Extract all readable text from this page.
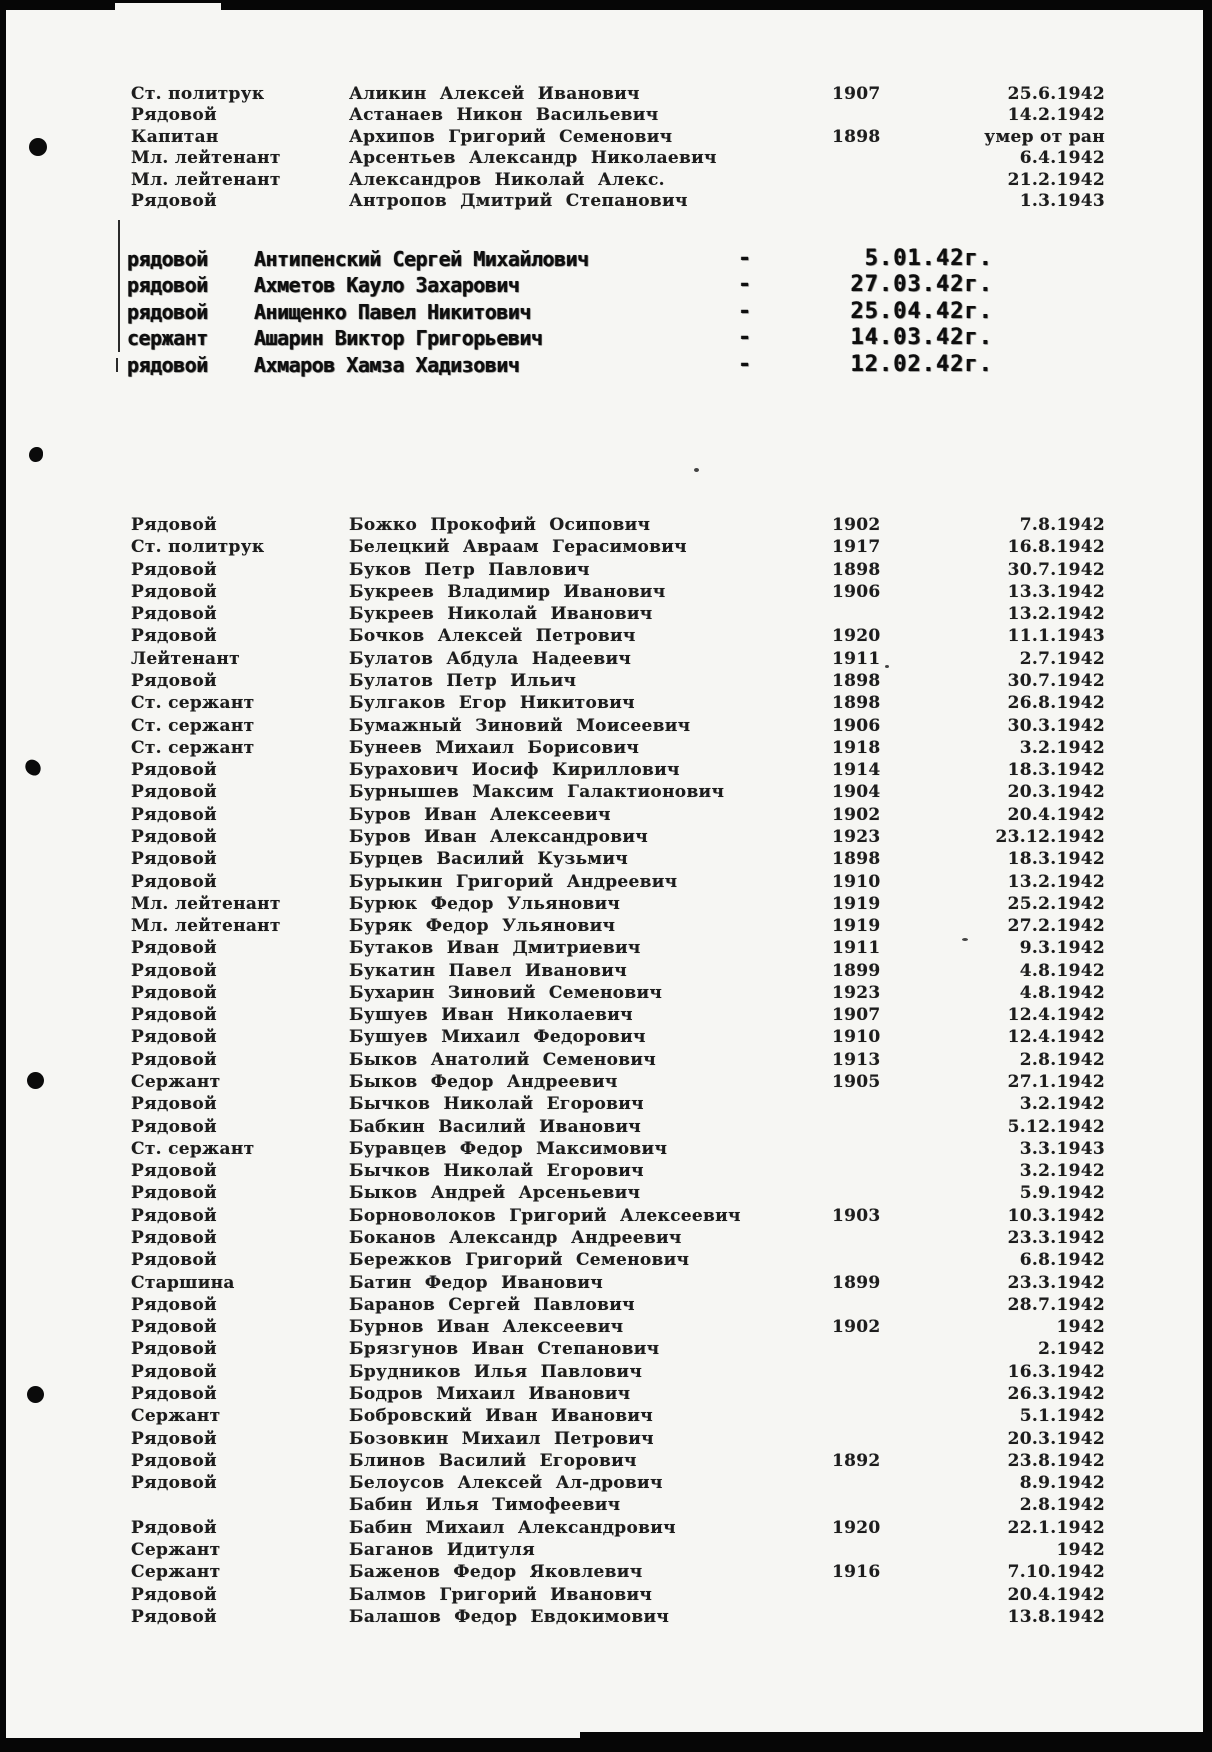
Ст. политрук	Аликин Алексей Иванович	1907	25.6.1942
Рядовой	Астанаев Никон Васильевич	14.2.1942
Капитан	Архипов Григорий Семенович	1898	умер от ран
Мл. лейтенант	Арсентьев Александр Николаевич	6.4.1942
Мл. лейтенант	Александров Николай Алекс.	21.2.1942
Рядовой	Антропов Дмитрий Степанович	1.3.1943
рядовой Антипенский Сергей Михайлович	-	5.01.42г.
рядовой Ахметов Кауло Захарович	-	27.03.42г.
рядовой Анищенко Павел Никитович	-	25.04.42г.
сержант Ашарин Виктор Григорьевич	-	14.03.42г.
рядовой Ахмаров Хамза Хадизович	-	12.02.42г.
Рядовой	Божко Прокофий Осипович	1902	7.8.1942
Ст. политрук	Белецкий Авраам Герасимович	1917	16.8.1942
Рядовой	Буков Петр Павлович	1898	30.7.1942
Рядовой	Букреев Владимир Иванович	1906	13.3.1942
Рядовой	Букреев Николай Иванович	13.2.1942
Рядовой	Бочков Алексей Петрович	1920	11.1.1943
Лейтенант	Булатов Абдула Надеевич	1911	2.7.1942
Рядовой	Булатов Петр Ильич	1898	30.7.1942
Ст. сержант	Булгаков Егор Никитович	1898	26.8.1942
Ст. сержант	Бумажный Зиновий Моисеевич	1906	30.3.1942
Ст. сержант	Бунеев Михаил Борисович	1918	3.2.1942
Рядовой	Бурахович Иосиф Кириллович	1914	18.3.1942
Рядовой	Бурнышев Максим Галактионович	1904	20.3.1942
Рядовой	Буров Иван Алексеевич	1902	20.4.1942
Рядовой	Буров Иван Александрович	1923	23.12.1942
Рядовой	Бурцев Василий Кузьмич	1898	18.3.1942
Рядовой	Бурыкин Григорий Андреевич	1910	13.2.1942
Мл. лейтенант	Бурюк Федор Ульянович	1919	25.2.1942
Мл. лейтенант	Буряк Федор Ульянович	1919	27.2.1942
Рядовой	Бутаков Иван Дмитриевич	1911	9.3.1942
Рядовой	Букатин Павел Иванович	1899	4.8.1942
Рядовой	Бухарин Зиновий Семенович	1923	4.8.1942
Рядовой	Бушуев Иван Николаевич	1907	12.4.1942
Рядовой	Бушуев Михаил Федорович	1910	12.4.1942
Рядовой	Быков Анатолий Семенович	1913	2.8.1942
Сержант	Быков Федор Андреевич	1905	27.1.1942
Рядовой	Бычков Николай Егорович	3.2.1942
Рядовой	Бабкин Василий Иванович	5.12.1942
Ст. сержант	Буравцев Федор Максимович	3.3.1943
Рядовой	Бычков Николай Егорович	3.2.1942
Рядовой	Быков Андрей Арсеньевич	5.9.1942
Рядовой	Борноволоков Григорий Алексеевич	1903	10.3.1942
Рядовой	Боканов Александр Андреевич	23.3.1942
Рядовой	Бережков Григорий Семенович	6.8.1942
Старшина	Батин Федор Иванович	1899	23.3.1942
Рядовой	Баранов Сергей Павлович	28.7.1942
Рядовой	Бурнов Иван Алексеевич	1902	1942
Рядовой	Брязгунов Иван Степанович	2.1942
Рядовой	Брудников Илья Павлович	16.3.1942
Рядовой	Бодров Михаил Иванович	26.3.1942
Сержант	Бобровский Иван Иванович	5.1.1942
Рядовой	Бозовкин Михаил Петрович	20.3.1942
Рядовой	Блинов Василий Егорович	1892	23.8.1942
Рядовой	Белоусов Алексей Ал-дрович	8.9.1942
Бабин Илья Тимофеевич	2.8.1942
Рядовой	Бабин Михаил Александрович	1920	22.1.1942
Сержант	Баганов Идитуля	1942
Сержант	Баженов Федор Яковлевич	1916	7.10.1942
Рядовой	Балмов Григорий Иванович	20.4.1942
Рядовой	Балашов Федор Евдокимович	13.8.1942
